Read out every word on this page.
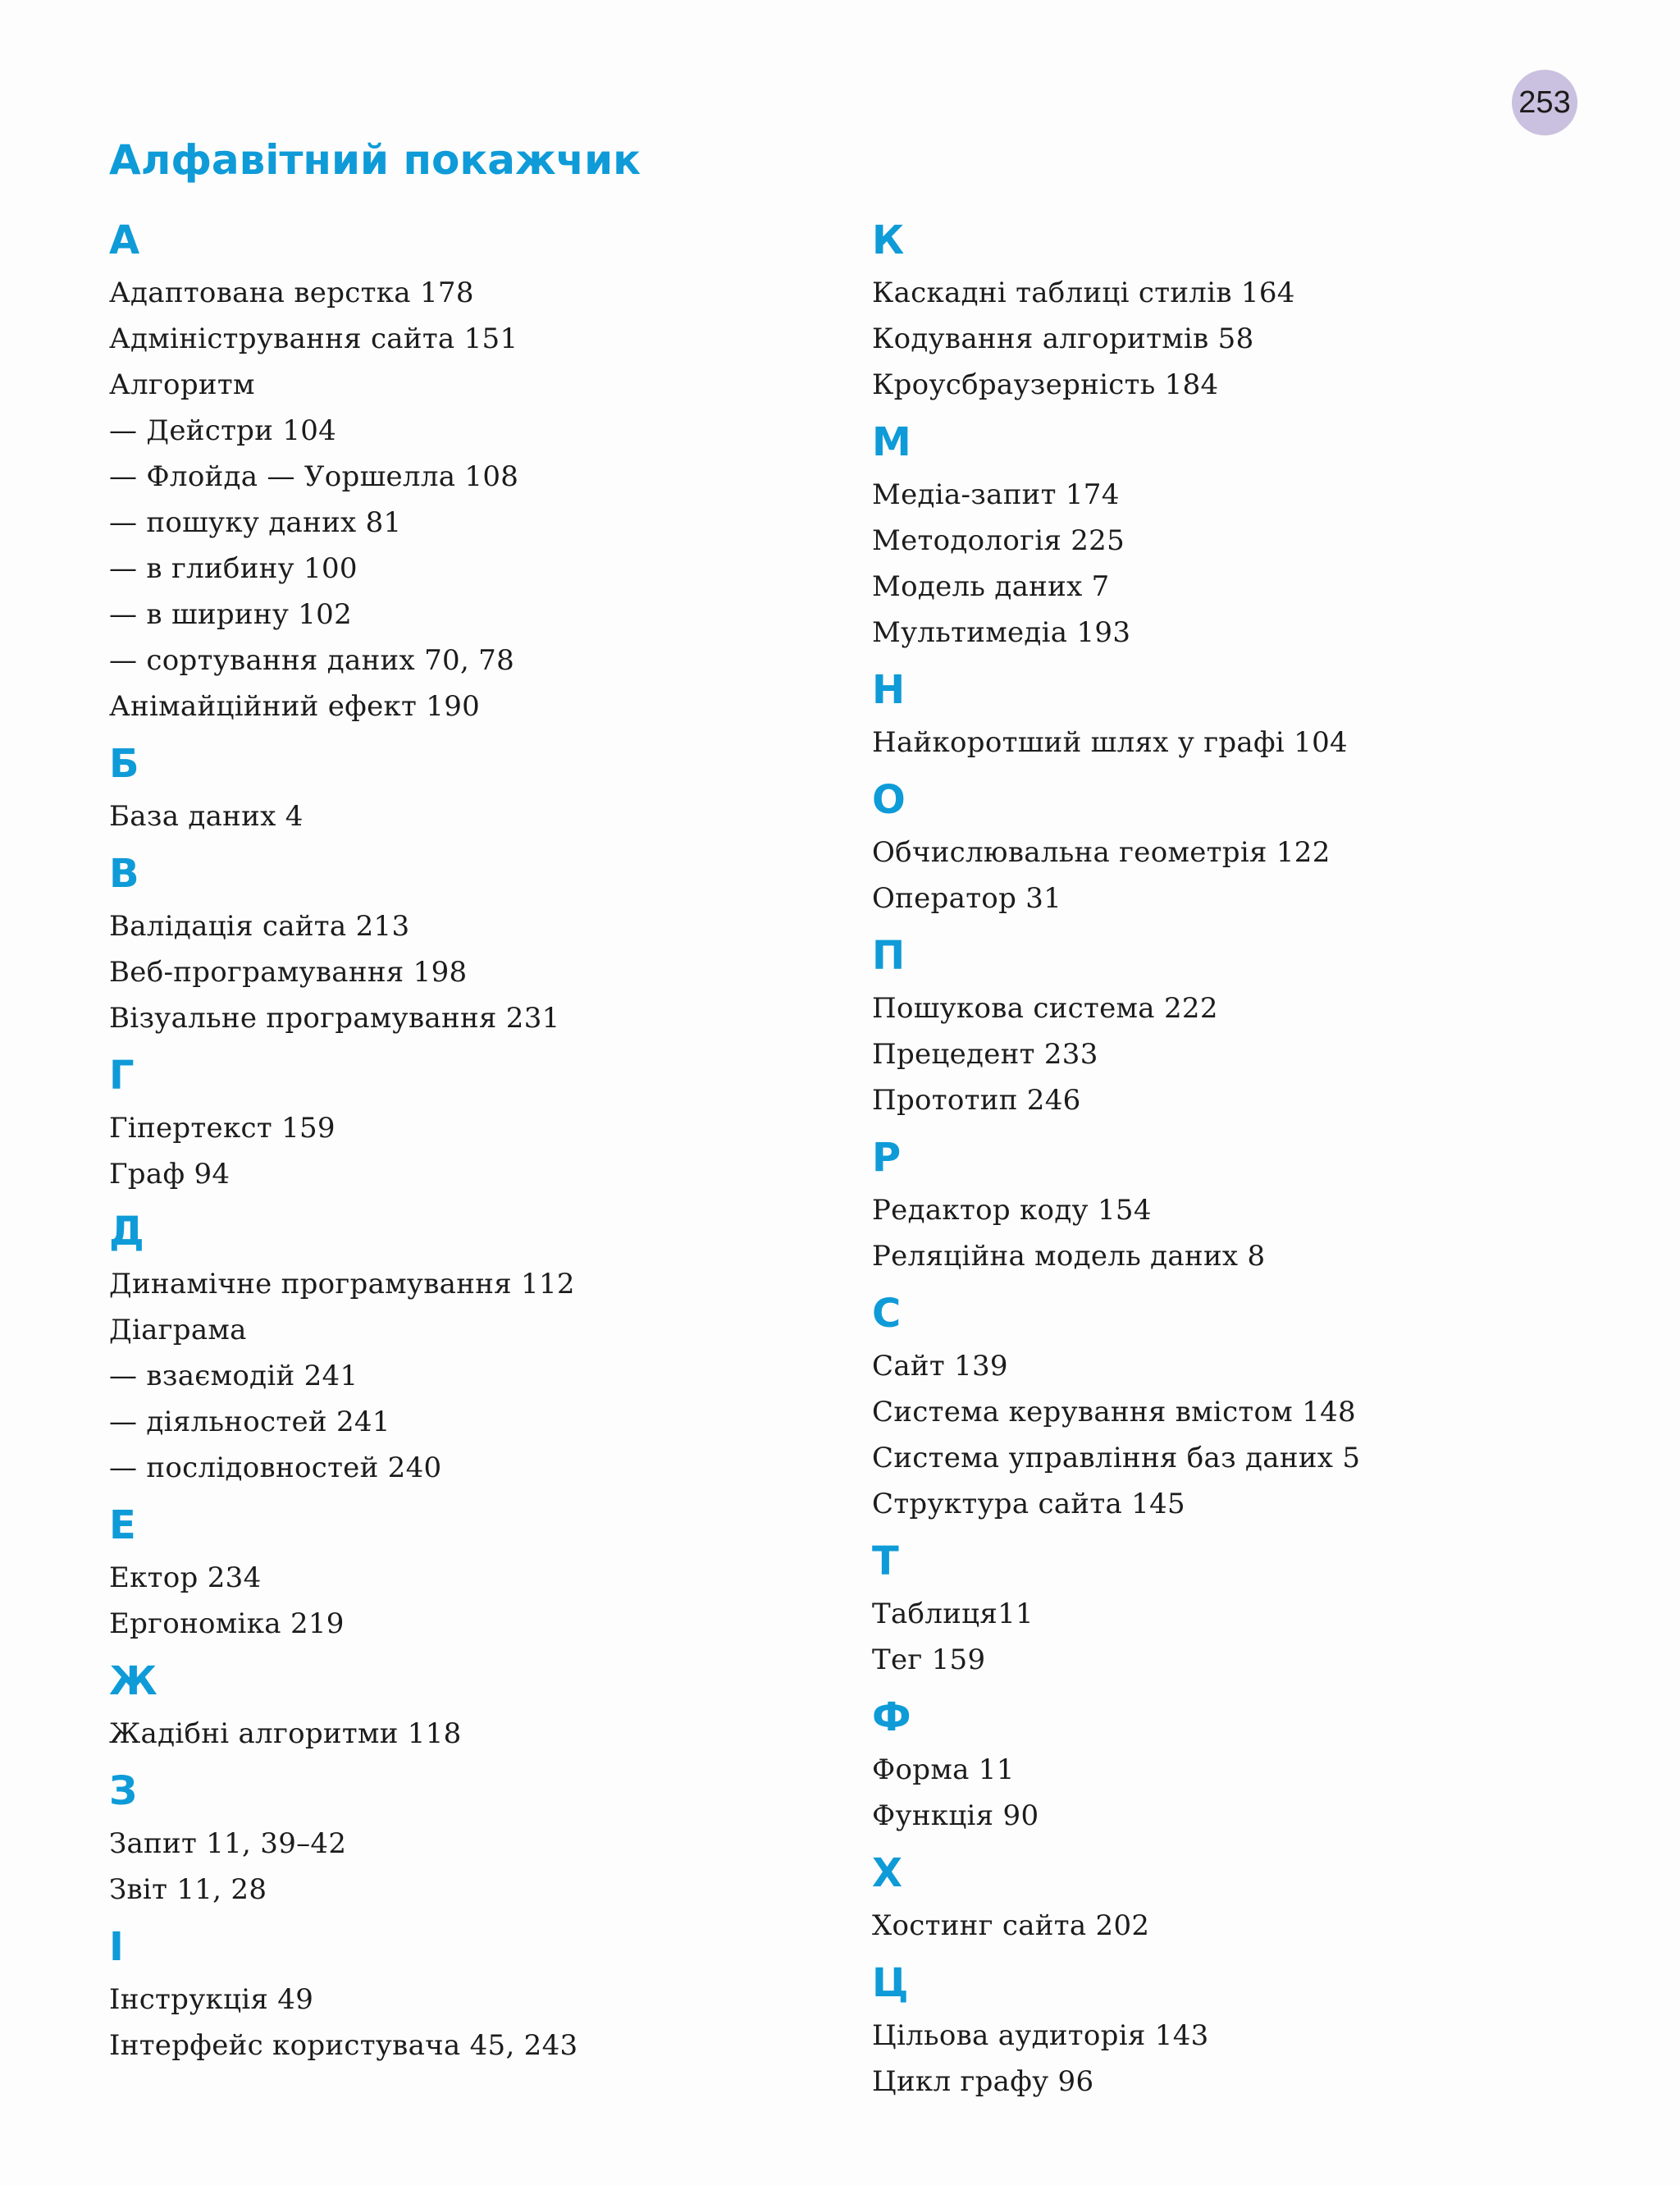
253
Алфавітний покажчик
А
Адаптована верстка 178
Адміністрування сайта 151
Алгоритм
— Дейстри 104
— Флойда — Уоршелла 108
— пошуку даних 81
— в глибину 100
— в ширину 102
— сортування даних 70, 78
Анімайційний ефект 190
Б
База даних 4
В
Валідація сайта 213
Веб-програмування 198
Візуальне програмування 231
Г
Гіпертекст 159
Граф 94
Д
Динамічне програмування 112
Діаграма
— взаємодій 241
— діяльностей 241
— послідовностей 240
Е
Ектор 234
Ергономіка 219
Ж
Жадібні алгоритми 118
З
Запит 11, 39–42
Звіт 11, 28
І
Інструкція 49
Інтерфейс користувача 45, 243
К
Каскадні таблиці стилів 164
Кодування алгоритмів 58
Кроусбраузерність 184
М
Медіа-запит 174
Методологія 225
Модель даних 7
Мультимедіа 193
Н
Найкоротший шлях у графі 104
О
Обчислювальна геометрія 122
Оператор 31
П
Пошукова система 222
Прецедент 233
Прототип 246
Р
Редактор коду 154
Реляційна модель даних 8
С
Сайт 139
Система керування вмістом 148
Система управління баз даних 5
Структура сайта 145
Т
Таблиця11
Тег 159
Ф
Форма 11
Функція 90
Х
Хостинг сайта 202
Ц
Цільова аудиторія 143
Цикл графу 96
